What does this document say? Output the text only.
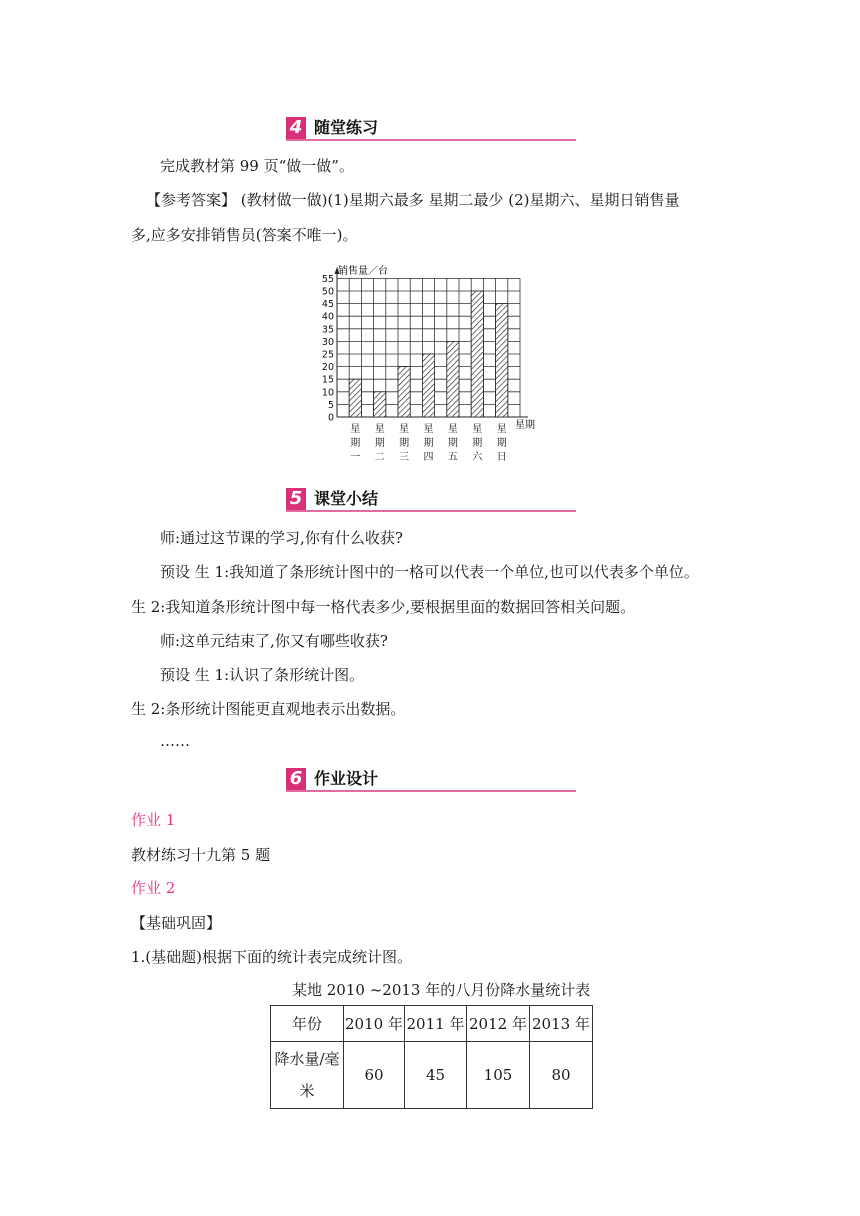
4 随堂练习
完成教材第 99 页“做一做”。
【参考答案】 (教材做一做)(1)星期六最多 星期二最少 (2)星期六、星期日销售量
多,应多安排销售员(答案不唯一)。
销售量／台
星期
0
5
10
15
20
25
30
35
40
45
50
55
星
期
一
星
期
二
星
期
三
星
期
四
星
期
五
星
期
六
星
期
日
5 课堂小结
师:通过这节课的学习,你有什么收获?
预设 生 1:我知道了条形统计图中的一格可以代表一个单位,也可以代表多个单位。
生 2:我知道条形统计图中每一格代表多少,要根据里面的数据回答相关问题。
师:这单元结束了,你又有哪些收获?
预设 生 1:认识了条形统计图。
生 2:条形统计图能更直观地表示出数据。
……
6 作业设计
作业 1
教材练习十九第 5 题
作业 2
【基础巩固】
1.(基础题)根据下面的统计表完成统计图。
某地 2010 ~2013 年的八月份降水量统计表
年份	2010 年	2011 年	2012 年	2013 年

降水量/毫
米	60	45	105	80
